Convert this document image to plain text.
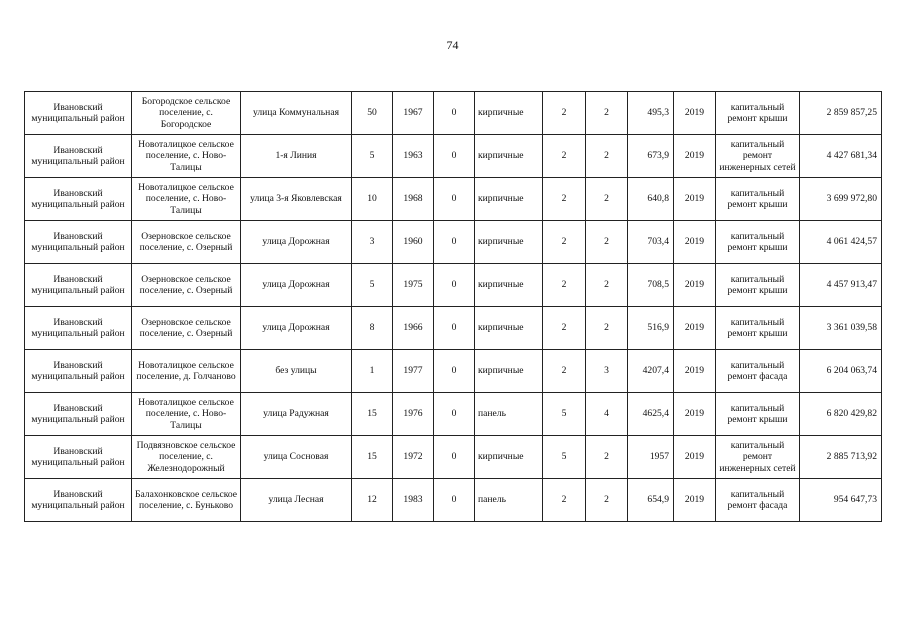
74
Ивановский муниципальный район	Богородское сельское поселение, с. Богородское	улица Коммунальная	50	1967	0	кирпичные	2	2	495,3	2019	капитальный ремонт крыши	2 859 857,25
Ивановский муниципальный район	Новоталицкое сельское поселение, с. Ново-Талицы	1-я Линия	5	1963	0	кирпичные	2	2	673,9	2019	капитальный ремонт инженерных сетей	4 427 681,34
Ивановский муниципальный район	Новоталицкое сельское поселение, с. Ново-Талицы	улица 3-я Яковлевская	10	1968	0	кирпичные	2	2	640,8	2019	капитальный ремонт крыши	3 699 972,80
Ивановский муниципальный район	Озерновское сельское поселение, с. Озерный	улица Дорожная	3	1960	0	кирпичные	2	2	703,4	2019	капитальный ремонт крыши	4 061 424,57
Ивановский муниципальный район	Озерновское сельское поселение, с. Озерный	улица Дорожная	5	1975	0	кирпичные	2	2	708,5	2019	капитальный ремонт крыши	4 457 913,47
Ивановский муниципальный район	Озерновское сельское поселение, с. Озерный	улица Дорожная	8	1966	0	кирпичные	2	2	516,9	2019	капитальный ремонт крыши	3 361 039,58
Ивановский муниципальный район	Новоталицкое сельское поселение, д. Голчаново	без улицы	1	1977	0	кирпичные	2	3	4207,4	2019	капитальный ремонт фасада	6 204 063,74
Ивановский муниципальный район	Новоталицкое сельское поселение, с. Ново-Талицы	улица Радужная	15	1976	0	панель	5	4	4625,4	2019	капитальный ремонт крыши	6 820 429,82
Ивановский муниципальный район	Подвязновское сельское поселение, с. Железнодорожный	улица Сосновая	15	1972	0	кирпичные	5	2	1957	2019	капитальный ремонт инженерных сетей	2 885 713,92
Ивановский муниципальный район	Балахонковское сельское поселение, с. Буньково	улица Лесная	12	1983	0	панель	2	2	654,9	2019	капитальный ремонт фасада	954 647,73
